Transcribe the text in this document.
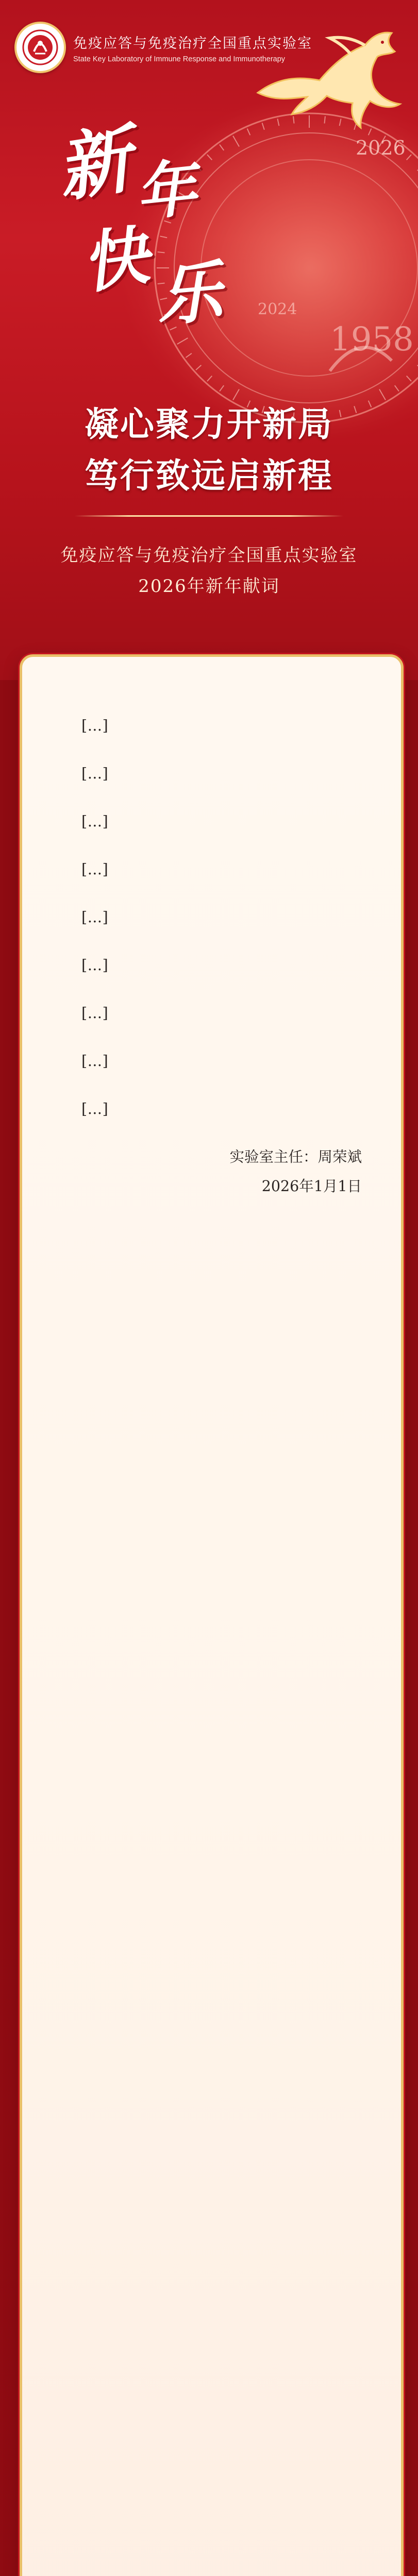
2026
2024
1958
免疫应答与免疫治疗全国重点实验室
State Key Laboratory of Immune Response and Immunotherapy
新
年
快 乐
凝心聚力开新局
笃行致远启新程
免疫应答与免疫治疗全国重点实验室
2026年新年献词

[…]

[…]

[…]

[…]

[…]

[…]

[…]

[…]

[…]

实验室主任：周荣斌
2026年1月1日
